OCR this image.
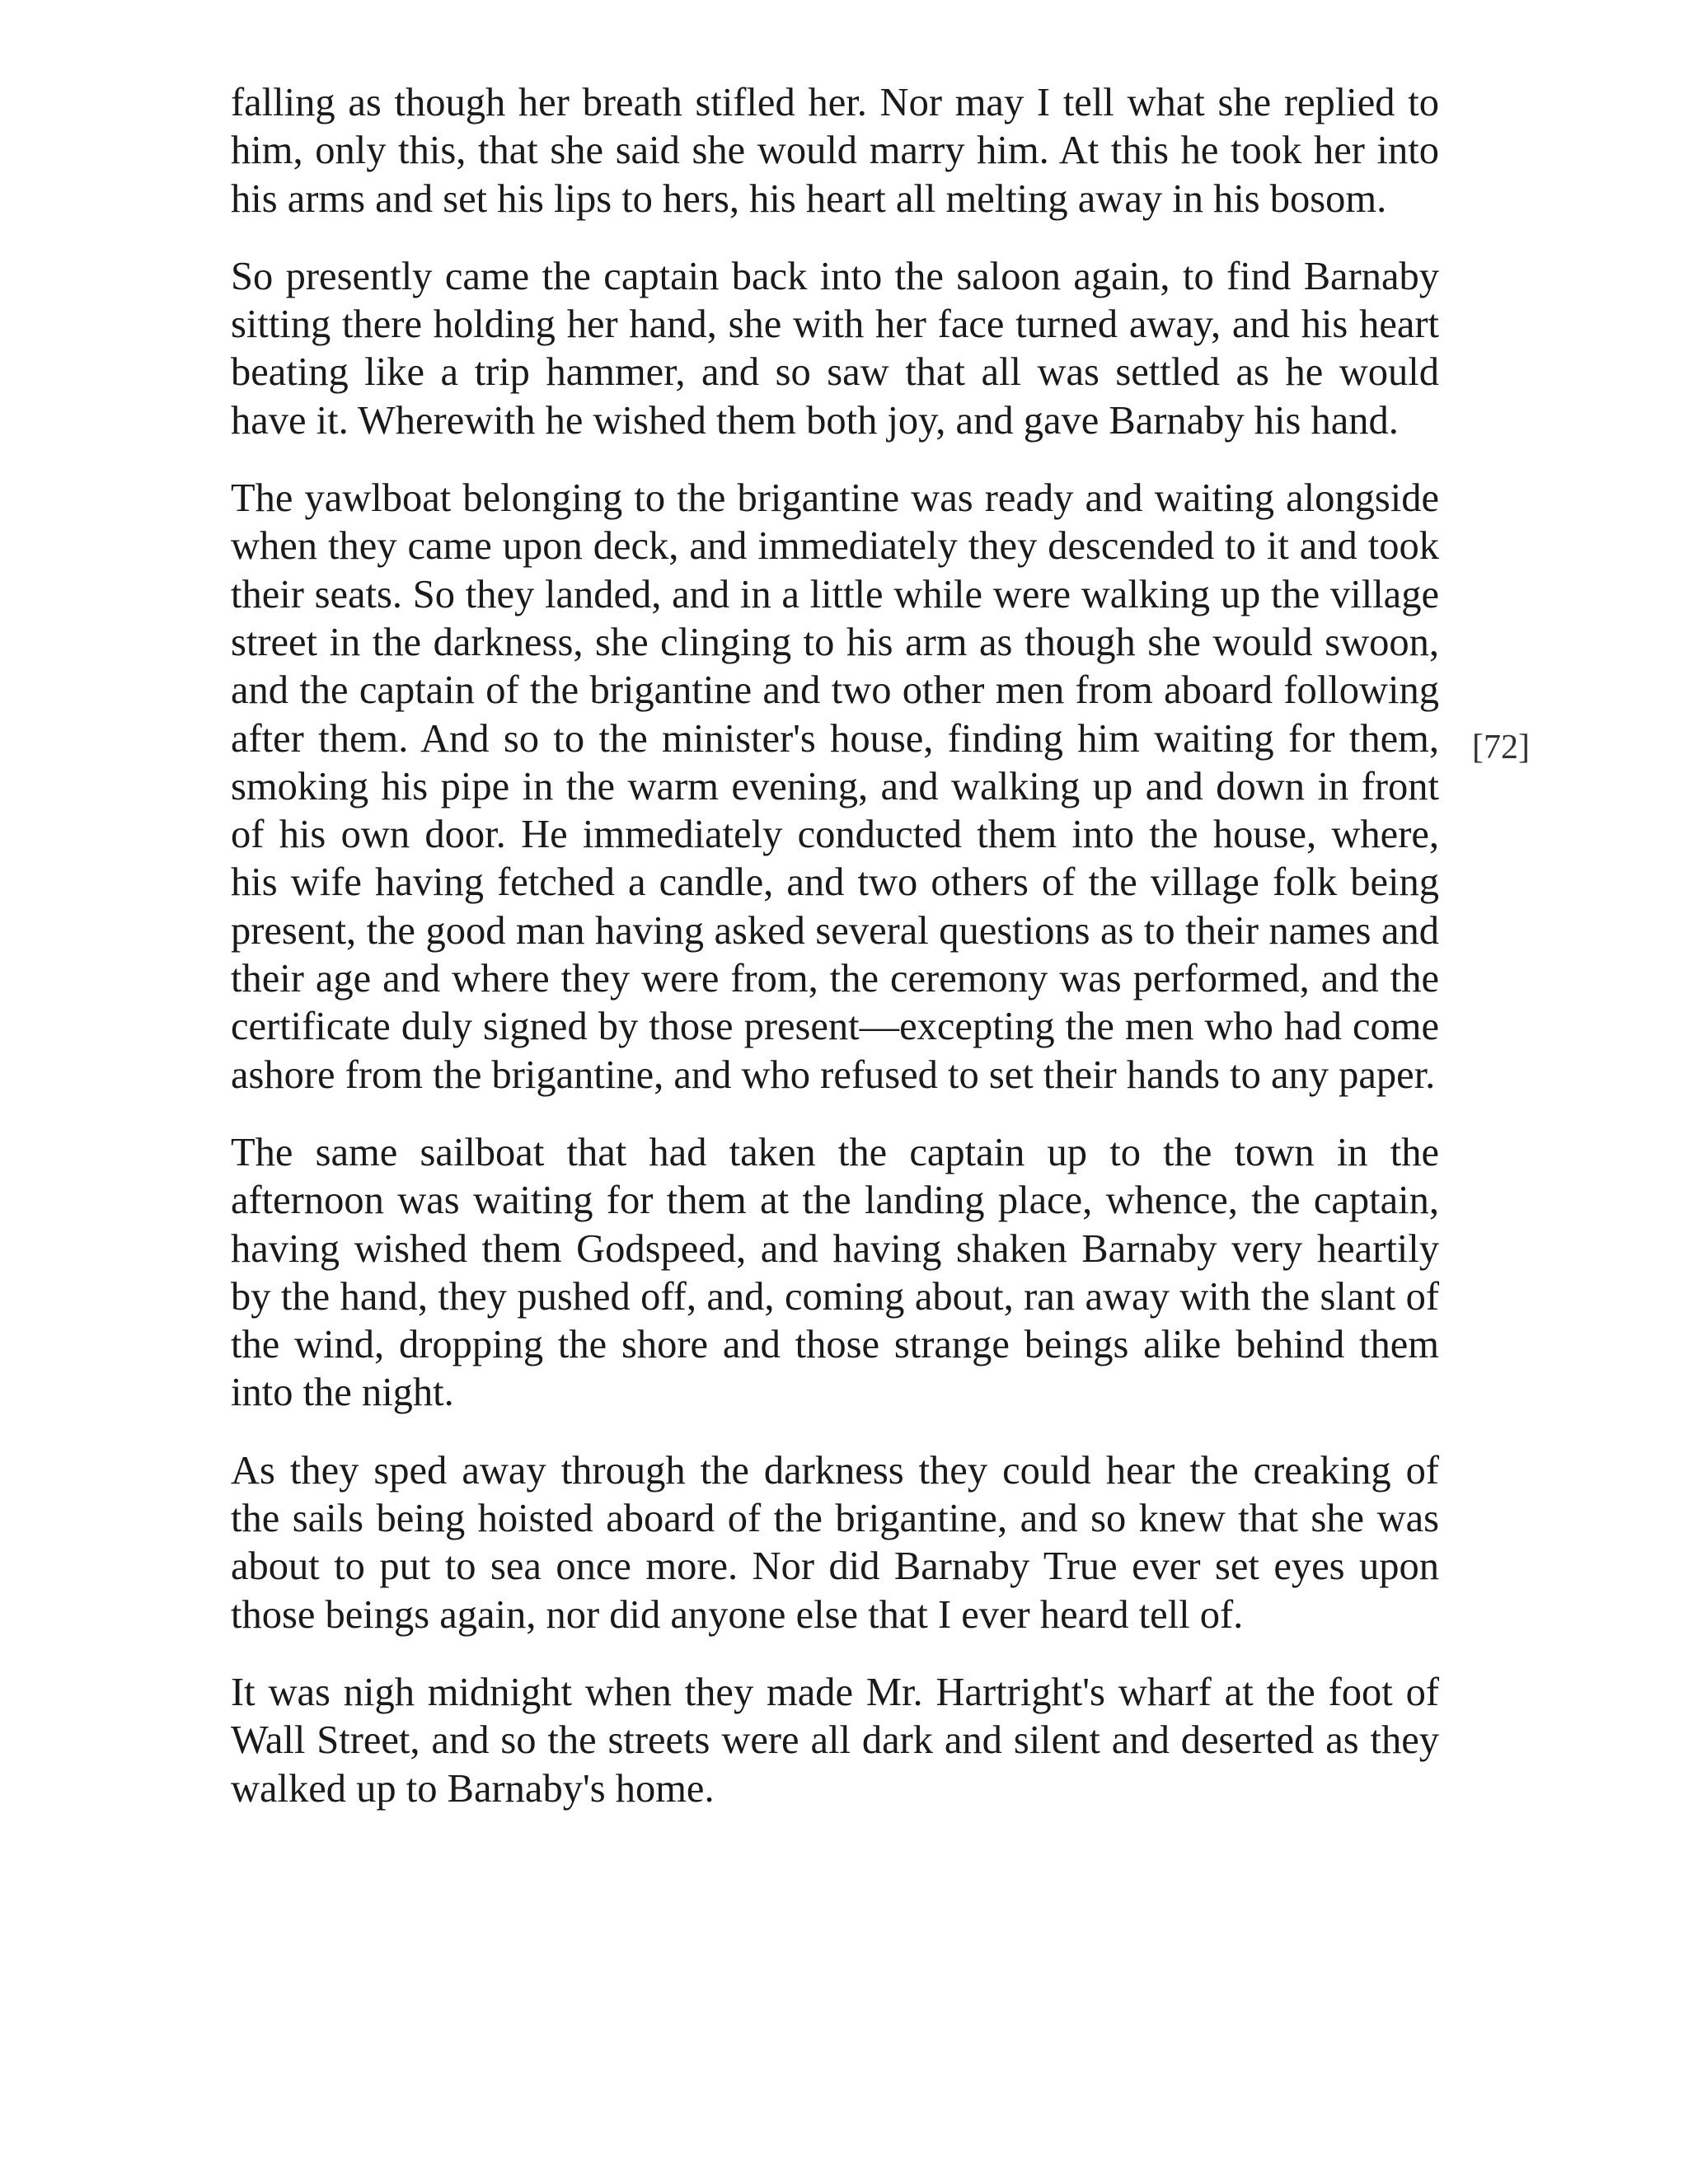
falling as though her breath stifled her. Nor may I tell what she replied to him, only this, that she said she would marry him. At this he took her into his arms and set his lips to hers, his heart all melting away in his bosom.

So presently came the captain back into the saloon again, to find Barnaby sitting there holding her hand, she with her face turned away, and his heart beating like a trip hammer, and so saw that all was settled as he would have it. Wherewith he wished them both joy, and gave Barnaby his hand.

The yawlboat belonging to the brigantine was ready and waiting alongside when they came upon deck, and immediately they descended to it and took their seats. So they landed, and in a little while were walking up the village street in the darkness, she clinging to his arm as though she would swoon, and the captain of the brigantine and two other men from aboard following after them. And so to the minister's house, finding him waiting for them, smoking his pipe in the warm evening, and walking up and down in front of his own door. He immediately conducted them into the house, where, his wife having fetched a candle, and two others of the village folk being present, the good man having asked several questions as to their names and their age and where they were from, the ceremony was performed, and the certificate duly signed by those present—excepting the men who had come ashore from the brigantine, and who refused to set their hands to any paper.

The same sailboat that had taken the captain up to the town in the afternoon was waiting for them at the landing place, whence, the captain, having wished them Godspeed, and having shaken Barnaby very heartily by the hand, they pushed off, and, coming about, ran away with the slant of the wind, dropping the shore and those strange beings alike behind them into the night.

As they sped away through the darkness they could hear the creaking of the sails being hoisted aboard of the brigantine, and so knew that she was about to put to sea once more. Nor did Barnaby True ever set eyes upon those beings again, nor did anyone else that I ever heard tell of.

It was nigh midnight when they made Mr. Hartright's wharf at the foot of Wall Street, and so the streets were all dark and silent and deserted as they walked up to Barnaby's home.

[72]
